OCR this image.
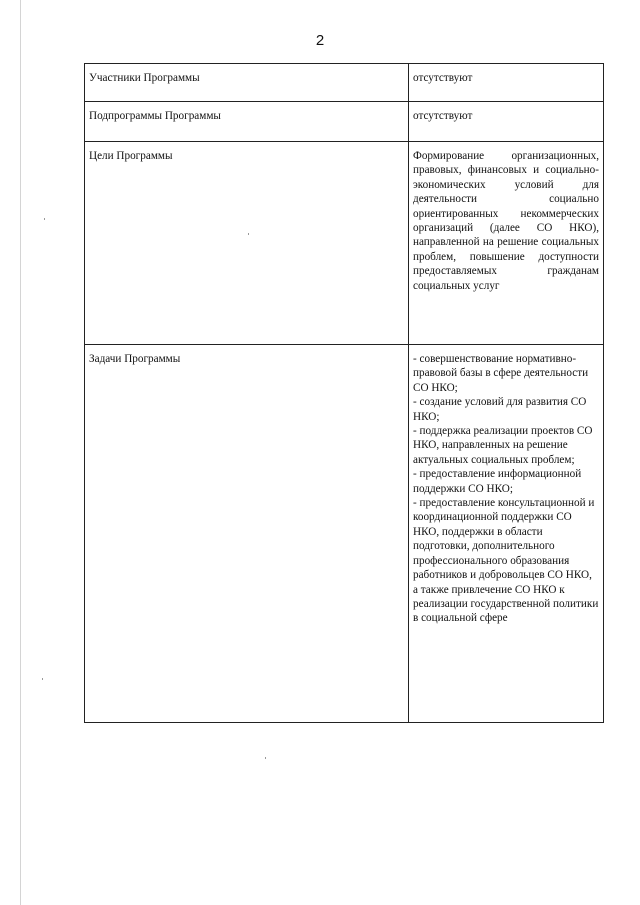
2
Участники Программы	отсутствуют
Подпрограммы Программы	отсутствуют
Цели Программы	Формирование организационных, правовых, финансовых и социально-экономических условий для деятельности социально ориентированных некоммерческих организаций (далее СО НКО), направленной на решение социальных проблем, повышение доступности предоставляемых гражданам социальных услуг
Задачи Программы	- совершенствование нормативно-правовой базы в сфере деятельности СО НКО;
- создание условий для развития СО НКО;
- поддержка реализации проектов СО НКО, направленных на решение актуальных социальных проблем;
- предоставление информационной поддержки СО НКО;
- предоставление консультационной и координационной поддержки СО НКО, поддержки в области подготовки, дополнительного профессионального образования работников и добровольцев СО НКО, а также привлечение СО НКО к реализации государственной политики в социальной сфере
